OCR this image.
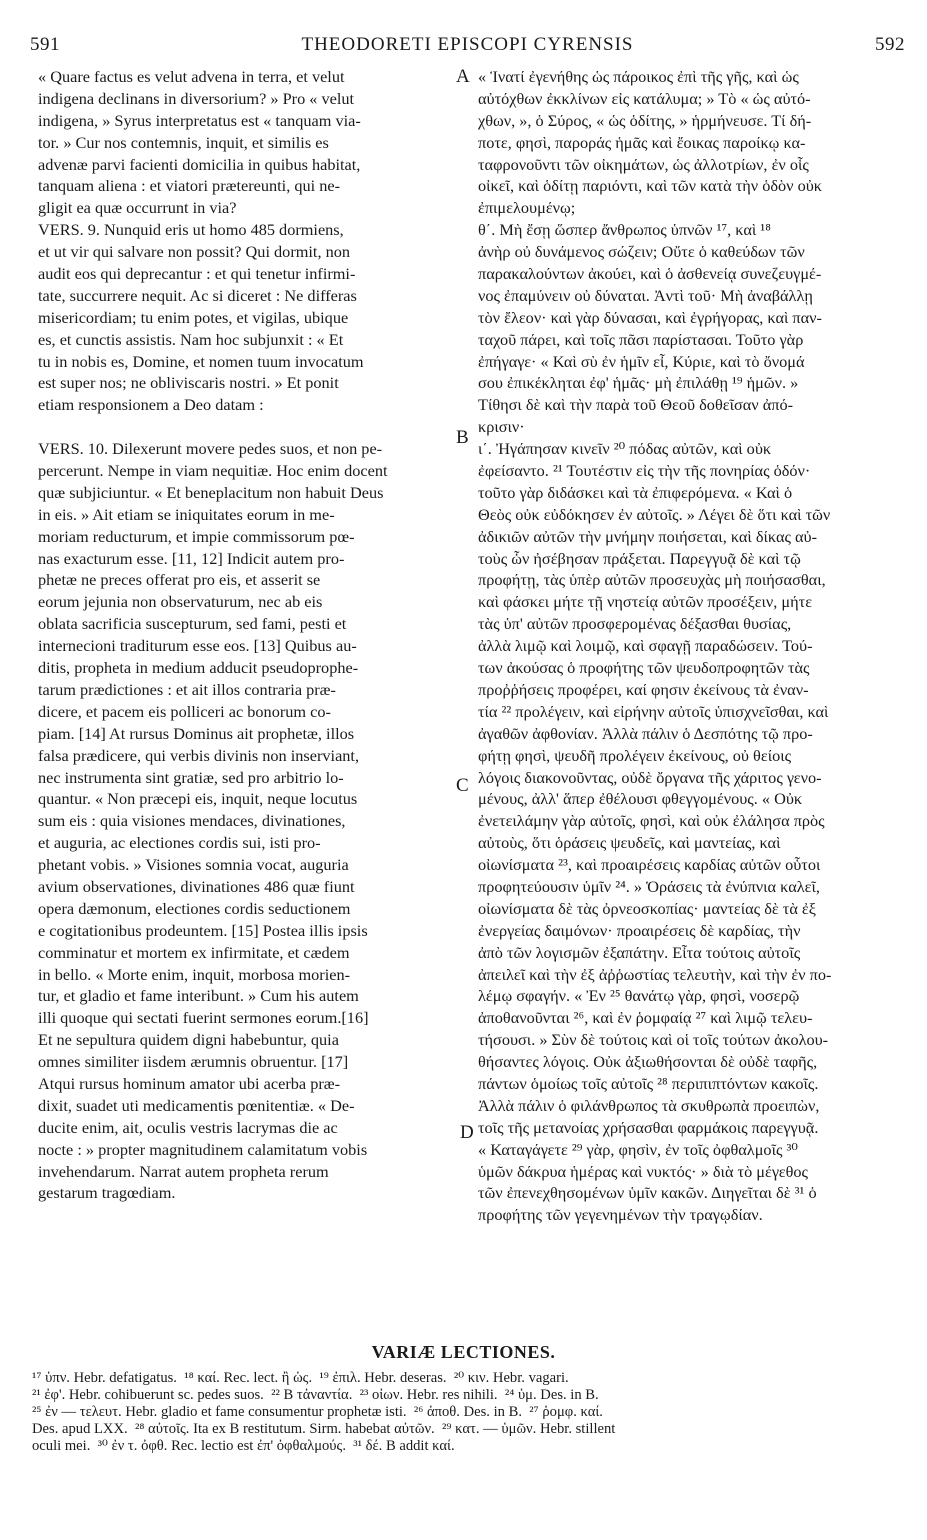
591	THEODORETI EPISCOPI CYRENSIS	592
« Quare factus es velut advena in terra, et velut
indigena declinans in diversorium? » Pro « velut
indigena, » Syrus interpretatus est « tanquam via-
tor. » Cur nos contemnis, inquit, et similis es
advenæ parvi facienti domicilia in quibus habitat,
tanquam aliena : et viatori prætereunti, qui ne-
gligit ea quæ occurrunt in via?
VERS. 9. Nunquid eris ut homo 485 dormiens,
et ut vir qui salvare non possit? Qui dormit, non
audit eos qui deprecantur : et qui tenetur infirmi-
tate, succurrere nequit. Ac si diceret : Ne differas
misericordiam; tu enim potes, et vigilas, ubique
es, et cunctis assistis. Nam hoc subjunxit : « Et
tu in nobis es, Domine, et nomen tuum invocatum
est super nos; ne obliviscaris nostri. » Et ponit
etiam responsionem a Deo datam :
VERS. 10. Dilexerunt movere pedes suos, et non pe-
percerunt. Nempe in viam nequitiæ. Hoc enim docent
quæ subjiciuntur. « Et beneplacitum non habuit Deus
in eis. » Ait etiam se iniquitates eorum in me-
moriam reducturum, et impie commissorum pœ-
nas exacturum esse. [11, 12] Indicit autem pro-
phetæ ne preces offerat pro eis, et asserit se
eorum jejunia non observaturum, nec ab eis
oblata sacrificia suscepturum, sed fami, pesti et
internecioni traditurum esse eos. [13] Quibus au-
ditis, propheta in medium adducit pseudoprophe-
tarum prædictiones : et ait illos contraria præ-
dicere, et pacem eis polliceri ac bonorum co-
piam. [14] At rursus Dominus ait prophetæ, illos
falsa prædicere, qui verbis divinis non inserviant,
nec instrumenta sint gratiæ, sed pro arbitrio lo-
quantur. « Non præcepi eis, inquit, neque locutus
sum eis : quia visiones mendaces, divinationes,
et auguria, ac electiones cordis sui, isti pro-
phetant vobis. » Visiones somnia vocat, auguria
avium observationes, divinationes 486 quæ fiunt
opera dæmonum, electiones cordis seductionem
e cogitationibus prodeuntem. [15] Postea illis ipsis
comminatur et mortem ex infirmitate, et cædem
in bello. « Morte enim, inquit, morbosa morien-
tur, et gladio et fame interibunt. » Cum his autem
illi quoque qui sectati fuerint sermones eorum.[16]
Et ne sepultura quidem digni habebuntur, quia
omnes similiter iisdem ærumnis obruentur. [17]
Atqui rursus hominum amator ubi acerba præ-
dixit, suadet uti medicamentis pœnitentiæ. « De-
ducite enim, ait, oculis vestris lacrymas die ac
nocte : » propter magnitudinem calamitatum vobis
invehendarum. Narrat autem propheta rerum
gestarum tragœdiam.
« Ἱνατί ἐγενήθης ὡς πάροικος ἐπὶ τῆς γῆς, καὶ ὡς
αὐτόχθων ἐκκλίνων εἰς κατάλυμα; » Τὸ « ὡς αὐτό-
χθων, », ὁ Σύρος, « ὡς ὁδίτης, » ἡρμήνευσε. Τί δή-
ποτε, φησὶ, παροράς ἡμᾶς καὶ ἔοικας παροίκῳ κα-
ταφρονοῦντι τῶν οἰκημάτων, ὡς ἀλλοτρίων, ἐν οἷς
οἰκεῖ, καὶ ὁδίτῃ παριόντι, καὶ τῶν κατὰ τὴν ὁδὸν οὐκ
ἐπιμελουμένῳ;
θ΄. Μὴ ἔσῃ ὥσπερ ἄνθρωπος ὑπνῶν ¹⁷, καὶ ¹⁸
ἀνὴρ οὐ δυνάμενος σώζειν; Οὔτε ὁ καθεύδων τῶν
παρακαλούντων ἀκούει, καὶ ὁ ἀσθενείᾳ συνεζευγμέ-
νος ἐπαμύνειν οὐ δύναται. Ἀντὶ τοῦ· Μὴ ἀναβάλλῃ
τὸν ἔλεον· καὶ γὰρ δύνασαι, καὶ ἐγρήγορας, καὶ παν-
ταχοῦ πάρει, καὶ τοῖς πᾶσι παρίστασαι. Τοῦτο γὰρ
ἐπήγαγε· « Καὶ σὺ ἐν ἡμῖν εἶ, Κύριε, καὶ τὸ ὄνομά
σου ἐπικέκληται ἐφ' ἡμᾶς· μὴ ἐπιλάθῃ ¹⁹ ἡμῶν. »
Τίθησι δὲ καὶ τὴν παρὰ τοῦ Θεοῦ δοθεῖσαν ἀπό-
κρισιν·
ι΄. Ἠγάπησαν κινεῖν ²⁰ πόδας αὐτῶν, καὶ οὐκ
ἐφείσαντο. ²¹ Τουτέστιν εἰς τὴν τῆς πονηρίας ὁδόν·
τοῦτο γὰρ διδάσκει καὶ τὰ ἐπιφερόμενα. « Καὶ ὁ
Θεὸς οὐκ εὐδόκησεν ἐν αὐτοῖς. » Λέγει δὲ ὅτι καὶ τῶν
ἀδικιῶν αὐτῶν τὴν μνήμην ποιήσεται, καὶ δίκας αὐ-
τοὺς ὧν ἠσέβησαν πράξεται. Παρεγγυᾷ δὲ καὶ τῷ
προφήτῃ, τὰς ὑπὲρ αὐτῶν προσευχὰς μὴ ποιήσασθαι,
καὶ φάσκει μήτε τῇ νηστείᾳ αὐτῶν προσέξειν, μήτε
τὰς ὑπ' αὐτῶν προσφερομένας δέξασθαι θυσίας,
ἀλλὰ λιμῷ καὶ λοιμῷ, καὶ σφαγῇ παραδώσειν. Τού-
των ἀκούσας ὁ προφήτης τῶν ψευδοπροφητῶν τὰς
προῤῥήσεις προφέρει, καί φησιν ἐκείνους τὰ ἐναν-
τία ²² προλέγειν, καὶ εἰρήνην αὐτοῖς ὑπισχνεῖσθαι, καὶ
ἀγαθῶν ἀφθονίαν. Ἀλλὰ πάλιν ὁ Δεσπότης τῷ προ-
φήτῃ φησὶ, ψευδῆ προλέγειν ἐκείνους, οὐ θείοις
λόγοις διακονοῦντας, οὐδὲ ὄργανα τῆς χάριτος γενο-
μένους, ἀλλ' ἅπερ ἐθέλουσι φθεγγομένους. « Οὐκ
ἐνετειλάμην γὰρ αὐτοῖς, φησὶ, καὶ οὐκ ἐλάλησα πρὸς
αὐτοὺς, ὅτι ὁράσεις ψευδεῖς, καὶ μαντείας, καὶ
οἰωνίσματα ²³, καὶ προαιρέσεις καρδίας αὐτῶν οὗτοι
προφητεύουσιν ὑμῖν ²⁴. » Ὁράσεις τὰ ἐνύπνια καλεῖ,
οἰωνίσματα δὲ τὰς ὀρνεοσκοπίας· μαντείας δὲ τὰ ἐξ
ἐνεργείας δαιμόνων· προαιρέσεις δὲ καρδίας, τὴν
ἀπὸ τῶν λογισμῶν ἐξαπάτην. Εἶτα τούτοις αὐτοῖς
ἀπειλεῖ καὶ τὴν ἐξ ἀῤῥωστίας τελευτὴν, καὶ τὴν ἐν πο-
λέμῳ σφαγήν. « Ἐν ²⁵ θανάτῳ γὰρ, φησὶ, νοσερῷ
ἀποθανοῦνται ²⁶, καὶ ἐν ῥομφαίᾳ ²⁷ καὶ λιμῷ τελευ-
τήσουσι. » Σὺν δὲ τούτοις καὶ οἱ τοῖς τούτων ἀκολου-
θήσαντες λόγοις. Οὐκ ἀξιωθήσονται δὲ οὐδὲ ταφῆς,
πάντων ὁμοίως τοῖς αὐτοῖς ²⁸ περιπιπτόντων κακοῖς.
Ἀλλὰ πάλιν ὁ φιλάνθρωπος τὰ σκυθρωπὰ προειπὼν,
τοῖς τῆς μετανοίας χρήσασθαι φαρμάκοις παρεγγυᾷ.
« Καταγάγετε ²⁹ γὰρ, φησὶν, ἐν τοῖς ὀφθαλμοῖς ³⁰
ὑμῶν δάκρυα ἡμέρας καὶ νυκτός· » διὰ τὸ μέγεθος
τῶν ἐπενεχθησομένων ὑμῖν κακῶν. Διηγεῖται δὲ ³¹ ὁ
προφήτης τῶν γεγενημένων τὴν τραγῳδίαν.
A
B
C
D
VARIÆ LECTIONES.
¹⁷ ὑπν. Hebr. defatigatus.  ¹⁸ καί. Rec. lect. ἢ ὡς.  ¹⁹ ἐπιλ. Hebr. deseras.  ²⁰ κιν. Hebr. vagari.
²¹ ἐφ'. Hebr. cohibuerunt sc. pedes suos.  ²² B τἀναντία.  ²³ οἰων. Hebr. res nihili.  ²⁴ ὑμ. Des. in B.
²⁵ ἐν — τελευτ. Hebr. gladio et fame consumentur prophetæ isti.  ²⁶ ἀποθ. Des. in B.  ²⁷ ῥομφ. καί.
Des. apud LXX.  ²⁸ αὐτοῖς. Ita ex B restitutum. Sirm. habebat αὐτῶν.  ²⁹ κατ. — ὑμῶν. Hebr. stillent
oculi mei.  ³⁰ ἐν τ. ὀφθ. Rec. lectio est ἐπ' ὀφθαλμούς.  ³¹ δέ. B addit καί.
